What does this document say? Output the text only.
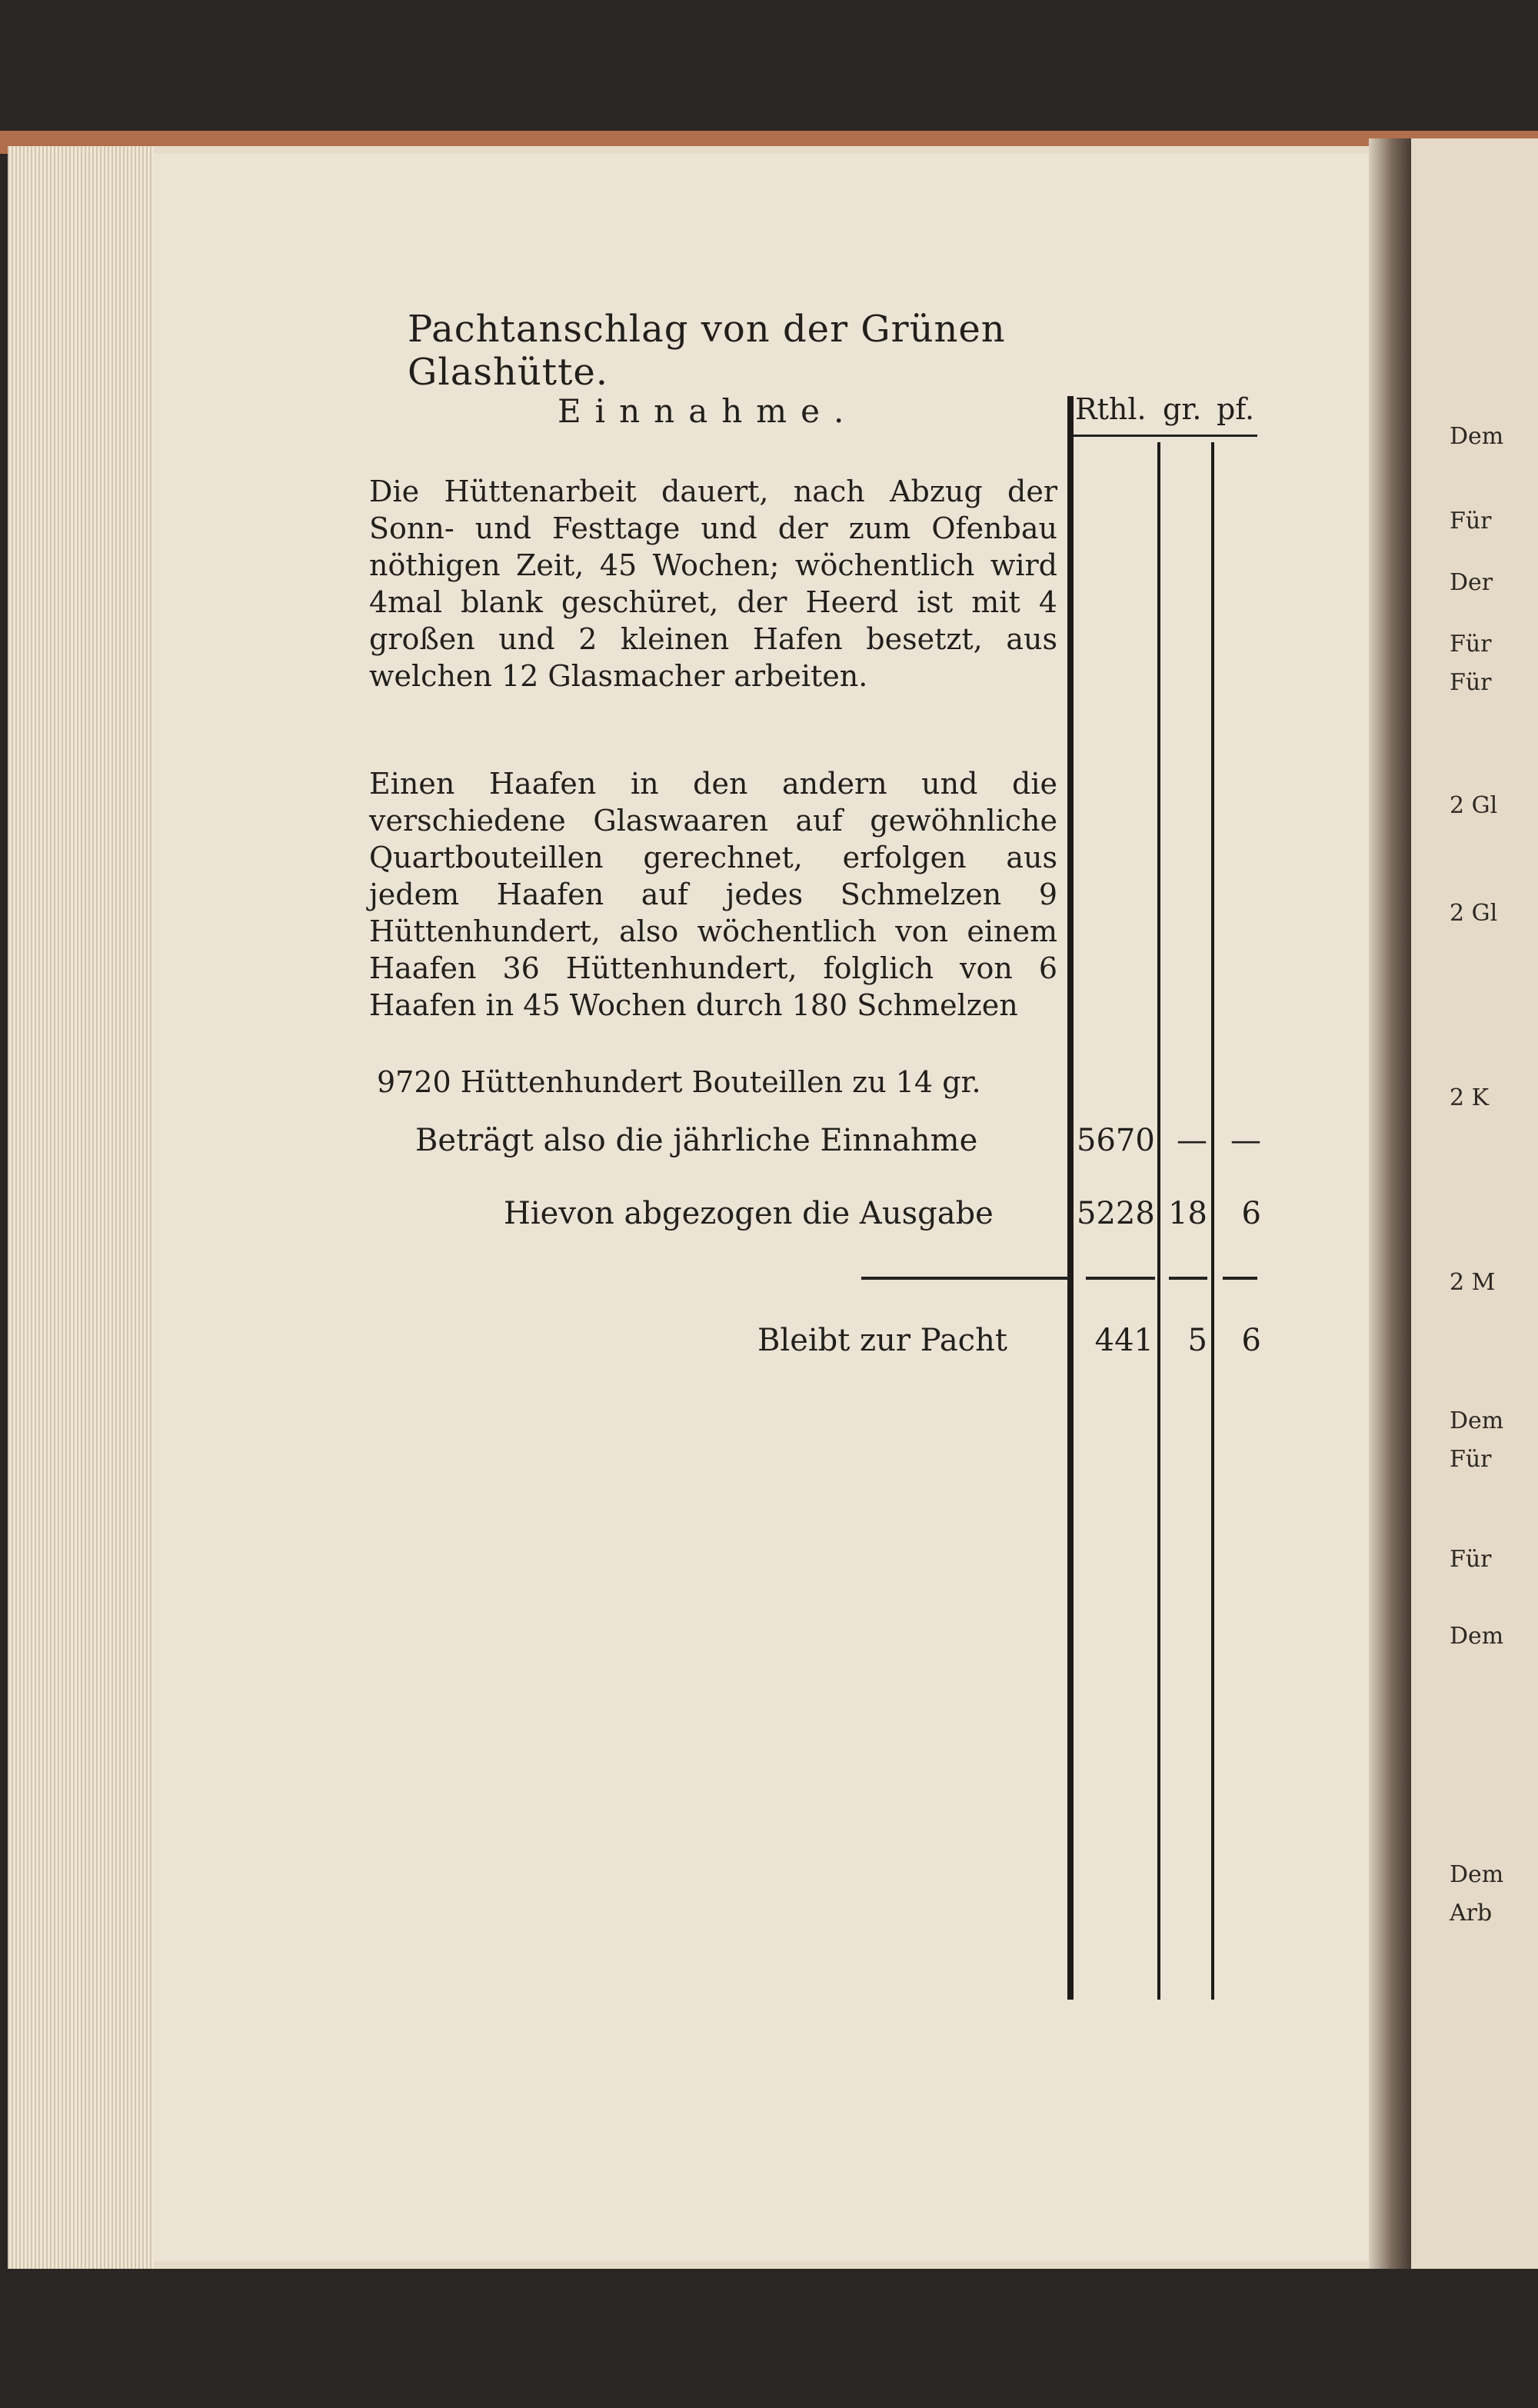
Pachtanschlag von der Grünen Glashütte.
Einnahme.	Rthl. gr. pf.
Die Hüttenarbeit dauert, nach Abzug der Sonn- und Festtage und der zum Ofenbau nöthigen Zeit, 45 Wochen; wöchentlich wird 4mal blank geschüret, der Heerd ist mit 4 großen und 2 kleinen Hafen besetzt, aus welchen 12 Glasmacher arbeiten.
Einen Haafen in den andern und die verschiedene Glaswaaren auf gewöhnliche Quartbouteillen gerechnet, erfolgen aus jedem Haafen auf jedes Schmelzen 9 Hüttenhundert, also wöchentlich von einem Haafen 36 Hüttenhundert, folglich von 6 Haafen in 45 Wochen durch 180 Schmelzen
9720 Hüttenhundert Bouteillen zu 14 gr.
Beträgt also die jährliche Einnahme	5670 — —
Hievon abgezogen die Ausgabe	5228 18	6
Bleibt zur Pacht	441	5	6
Dem
Für
Der
Für
Für
2 Gl
2 Gl
2 K
2 M
Dem
Für
Für
Dem
Dem
Arb
